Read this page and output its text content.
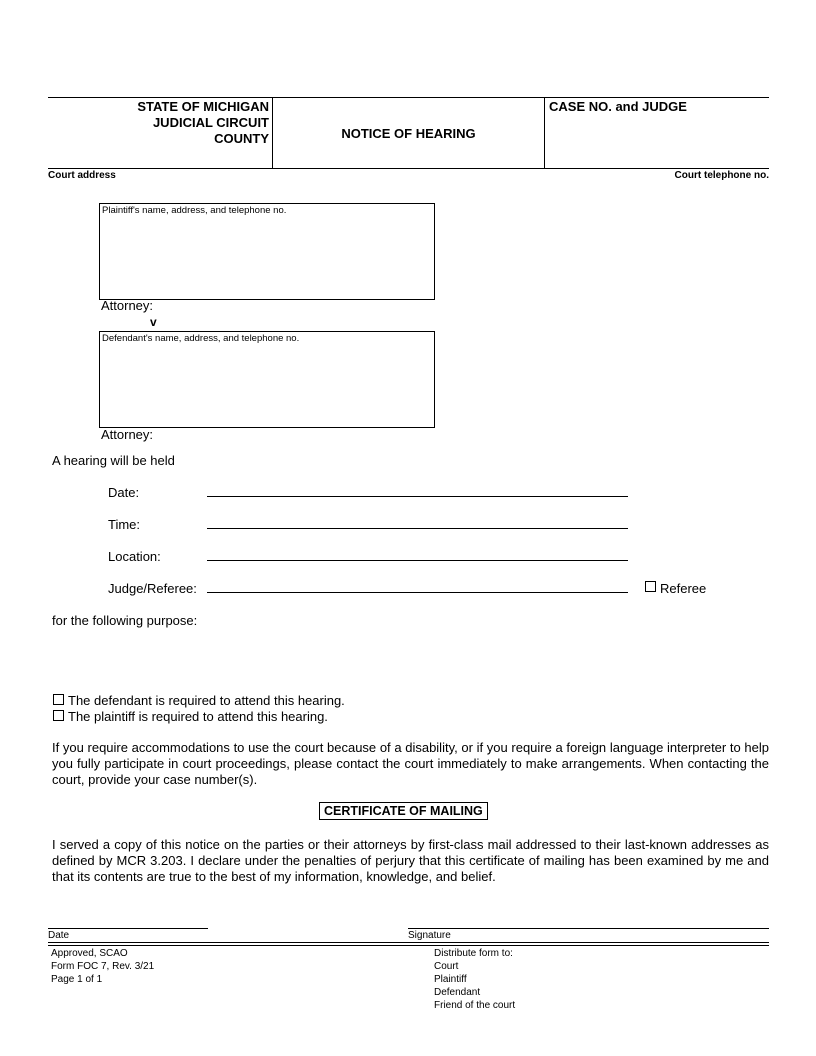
STATE OF MICHIGAN
JUDICIAL CIRCUIT
COUNTY	NOTICE OF HEARING
CASE NO. and JUDGE
Court address	Court telephone no.
Plaintiff's name, address, and telephone no.
Attorney:
v
Defendant's name, address, and telephone no.
Attorney:
A hearing will be held
Date:
Time:
Location:
Judge/Referee:	Referee
for the following purpose:
The defendant is required to attend this hearing.
The plaintiff is required to attend this hearing.
If you require accommodations to use the court because of a disability, or if you require a foreign language interpreter to help you fully participate in court proceedings, please contact the court immediately to make arrangements. When contacting the court, provide your case number(s).
CERTIFICATE OF MAILING
I served a copy of this notice on the parties or their attorneys by first-class mail addressed to their last-known addresses as defined by MCR 3.203. I declare under the penalties of perjury that this certificate of mailing has been examined by me and that its contents are true to the best of my information, knowledge, and belief.
Date	Signature
Approved, SCAO
Form FOC 7, Rev. 3/21
Page 1 of 1
Distribute form to:
Court
Plaintiff
Defendant
Friend of the court
